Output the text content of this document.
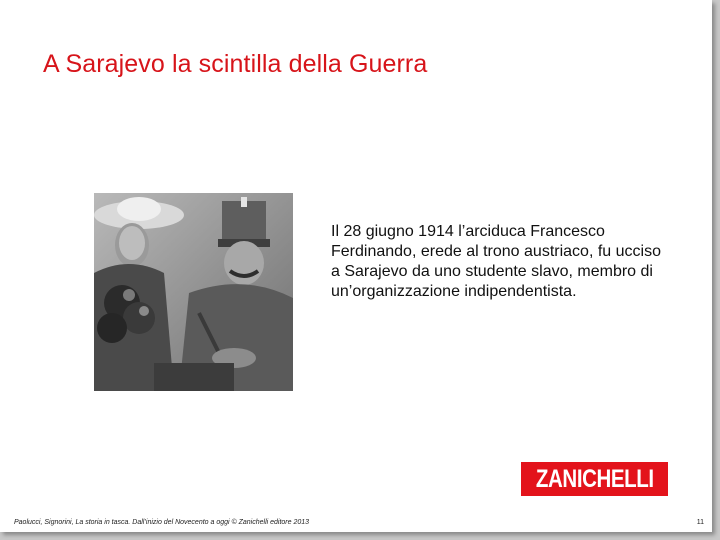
A Sarajevo la scintilla della Guerra
Il 28 giugno 1914 l’arciduca Francesco Ferdinando, erede al trono austriaco, fu ucciso a Sarajevo da uno studente slavo, membro di un’organizzazione indipendentista.
ZANICHELLI
Paolucci, Signorini, La storia in tasca. Dall’inizio del Novecento a oggi © Zanichelli editore 2013	11
